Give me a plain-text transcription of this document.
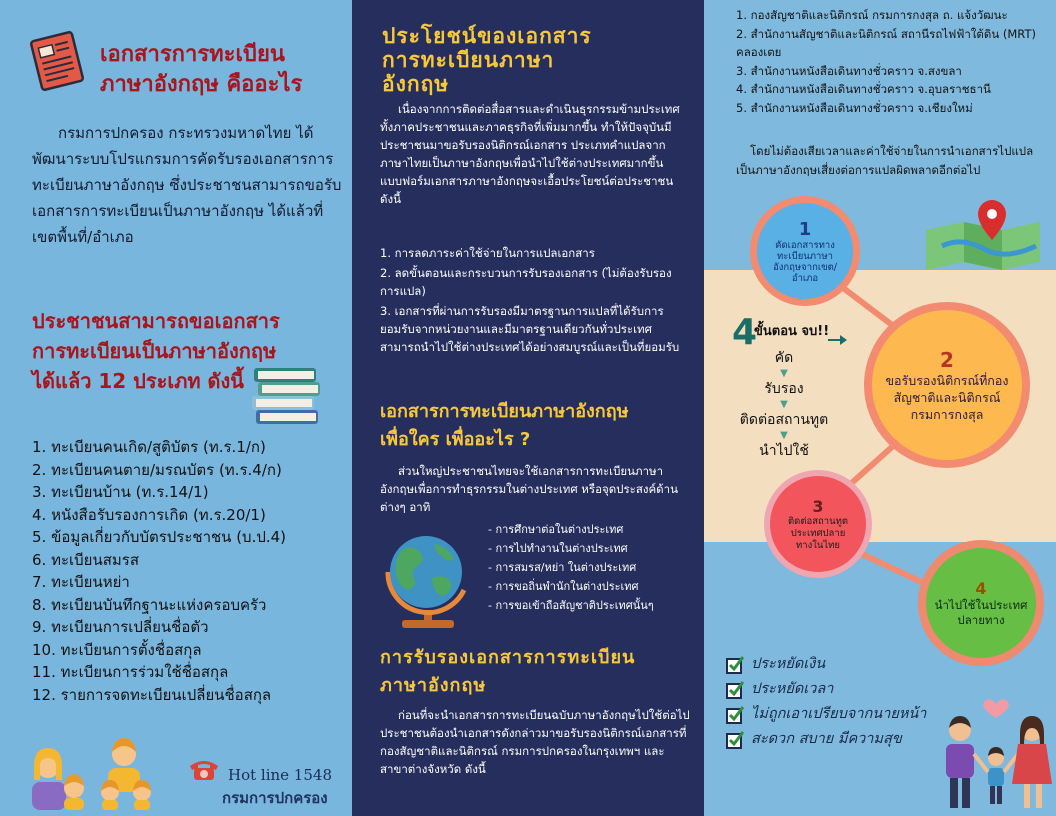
เอกสารการทะเบียน
ภาษาอังกฤษ คืออะไร

กรมการปกครอง กระทรวงมหาดไทย ได้พัฒนาระบบโปรแกรมการคัดรับรองเอกสารการทะเบียนภาษาอังกฤษ ซึ่งประชาชนสามารถขอรับเอกสารการทะเบียนเป็นภาษาอังกฤษ ได้แล้วที่เขตพื้นที่/อำเภอ

ประชาชนสามารถขอเอกสาร
การทะเบียนเป็นภาษาอังกฤษ
ได้แล้ว 12 ประเภท ดังนี้
1. ทะเบียนคนเกิด/สูติบัตร (ท.ร.1/ก)
2. ทะเบียนคนตาย/มรณบัตร (ท.ร.4/ก)
3. ทะเบียนบ้าน (ท.ร.14/1)
4. หนังสือรับรองการเกิด (ท.ร.20/1)
5. ข้อมูลเกี่ยวกับบัตรประชาชน (บ.ป.4)
6. ทะเบียนสมรส
7. ทะเบียนหย่า
8. ทะเบียนบันทึกฐานะแห่งครอบครัว
9. ทะเบียนการเปลี่ยนชื่อตัว
10. ทะเบียนการตั้งชื่อสกุล
11. ทะเบียนการร่วมใช้ชื่อสกุล
12. รายการจดทะเบียนเปลี่ยนชื่อสกุล
Hot line 1548
กรมการปกครอง
ประโยชน์ของเอกสาร
การทะเบียนภาษา
อังกฤษ

เนื่องจากการติดต่อสื่อสารและดำเนินธุรกรรมข้ามประเทศทั้งภาคประชาชนและภาคธุรกิจที่เพิ่มมากขึ้น ทำให้ปัจจุบันมีประชาชนมาขอรับรองนิติกรณ์เอกสาร ประเภทคำแปลจากภาษาไทยเป็นภาษาอังกฤษเพื่อนำไปใช้ต่างประเทศมากขึ้น แบบฟอร์มเอกสารภาษาอังกฤษจะเอื้อประโยชน์ต่อประชาชน ดังนี้

1. การลดภาระค่าใช้จ่ายในการแปลเอกสาร
2. ลดขั้นตอนและกระบวนการรับรองเอกสาร (ไม่ต้องรับรองการแปล)
3. เอกสารที่ผ่านการรับรองมีมาตรฐานการแปลที่ได้รับการยอมรับจากหน่วยงานและมีมาตรฐานเดียวกันทั่วประเทศ สามารถนำไปใช้ต่างประเทศได้อย่างสมบูรณ์และเป็นที่ยอมรับ
เอกสารการทะเบียนภาษาอังกฤษ
เพื่อใคร เพื่ออะไร ?

ส่วนใหญ่ประชาชนไทยจะใช้เอกสารการทะเบียนภาษาอังกฤษเพื่อการทำธุรกรรมในต่างประเทศ หรือจุดประสงค์ด้านต่างๆ อาทิ

การรับรองเอกสารการทะเบียน
ภาษาอังกฤษ

ก่อนที่จะนำเอกสารการทะเบียนฉบับภาษาอังกฤษไปใช้ต่อไป ประชาชนต้องนำเอกสารดังกล่าวมาขอรับรองนิติกรณ์เอกสารที่กองสัญชาติและนิติกรณ์ กรมการปกครองในกรุงเทพฯ และสาขาต่างจังหวัด ดังนี้

- การศึกษาต่อในต่างประเทศ
- การไปทำงานในต่างประเทศ
- การสมรส/หย่า ในต่างประเทศ
- การขอถิ่นพำนักในต่างประเทศ
- การขอเข้าถือสัญชาติประเทศนั้นๆ
1. กองสัญชาติและนิติกรณ์ กรมการกงสุล ถ. แจ้งวัฒนะ
2. สำนักงานสัญชาติและนิติกรณ์ สถานีรถไฟฟ้าใต้ดิน (MRT) คลองเตย
3. สำนักงานหนังสือเดินทางชั่วคราว จ.สงขลา
4. สำนักงานหนังสือเดินทางชั่วคราว จ.อุบลราชธานี
5. สำนักงานหนังสือเดินทางชั่วคราว จ.เชียงใหม่

โดยไม่ต้องเสียเวลาและค่าใช้จ่ายในการนำเอกสารไปแปลเป็นภาษาอังกฤษเสี่ยงต่อการแปลผิดพลาดอีกต่อไป

1
คัดเอกสารทางทะเบียนภาษาอังกฤษจากเขต/อำเภอ
2
ขอรับรองนิติกรณ์ที่กองสัญชาติและนิติกรณ์ กรมการกงสุล
3
ติดต่อสถานทูตประเทศปลายทางในไทย
4
นำไปใช้ในประเทศปลายทาง
4
ขั้นตอน จบ!!
คัด
▼
รับรอง
▼
ติดต่อสถานทูต
▼
นำไปใช้
ประหยัดเงิน
ประหยัดเวลา
ไม่ถูกเอาเปรียบจากนายหน้า
สะดวก สบาย มีความสุข
